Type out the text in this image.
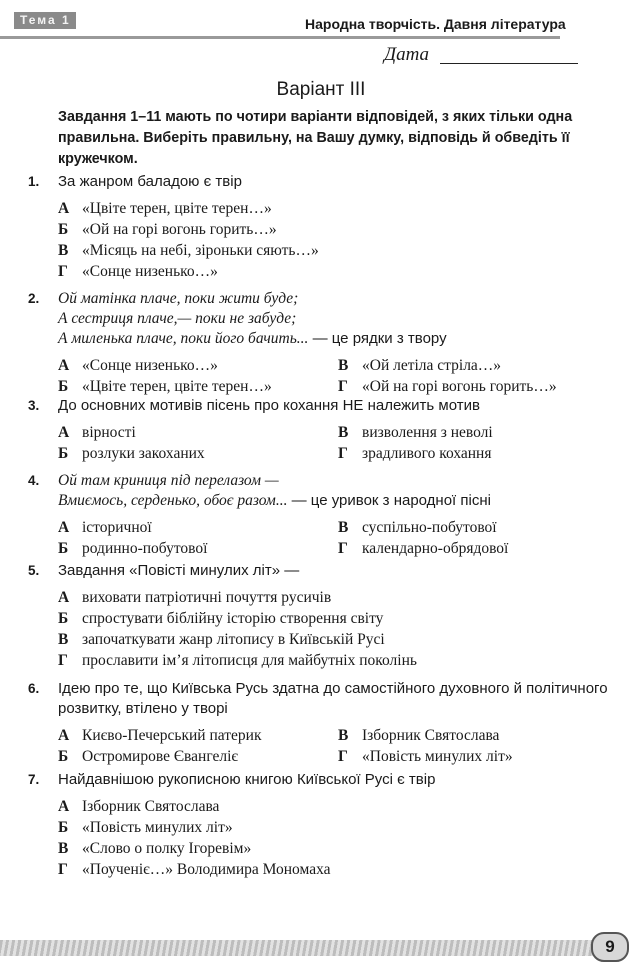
Тема 1	Народна творчість. Давня література
Дата
Варіант ІІІ
Завдання 1–11 мають по чотири варіанти відповідей, з яких тільки одна правильна. Виберіть правильну, на Вашу думку, відповідь й обведіть її кружечком.
1. За жанром баладою є твір
А «Цвіте терен, цвіте терен…»
Б «Ой на горі вогонь горить…»
В «Місяць на небі, зіроньки сяють…»
Г «Сонце низенько…»
2. Ой матінка плаче, поки жити буде;
А сестриця плаче,— поки не забуде;
А миленька плаче, поки його бачить... — це рядки з твору
А «Сонце низенько…»	В «Ой летіла стріла…»
Б «Цвіте терен, цвіте терен…»	Г «Ой на горі вогонь горить…»
3. До основних мотивів пісень про кохання НЕ належить мотив
А вірності	В визволення з неволі
Б розлуки закоханих	Г зрадливого кохання
4. Ой там криниця під перелазом —
Вмиємось, серденько, обоє разом... — це уривок з народної пісні
А історичної	В суспільно-побутової
Б родинно-побутової	Г календарно-обрядової
5. Завдання «Повісті минулих літ» —
А виховати патріотичні почуття русичів
Б спростувати біблійну історію створення світу
В започаткувати жанр літопису в Київській Русі
Г прославити ім’я літописця для майбутніх поколінь
6. Ідею про те, що Київська Русь здатна до самостійного духовного й політичного розвитку, втілено у творі
А Києво-Печерський патерик	В Ізборник Святослава
Б Остромирове Євангеліє	Г «Повість минулих літ»
7. Найдавнішою рукописною книгою Київської Русі є твір
А Ізборник Святослава
Б «Повість минулих літ»
В «Слово о полку Ігоревім»
Г «Поученіє…» Володимира Мономаха
9
